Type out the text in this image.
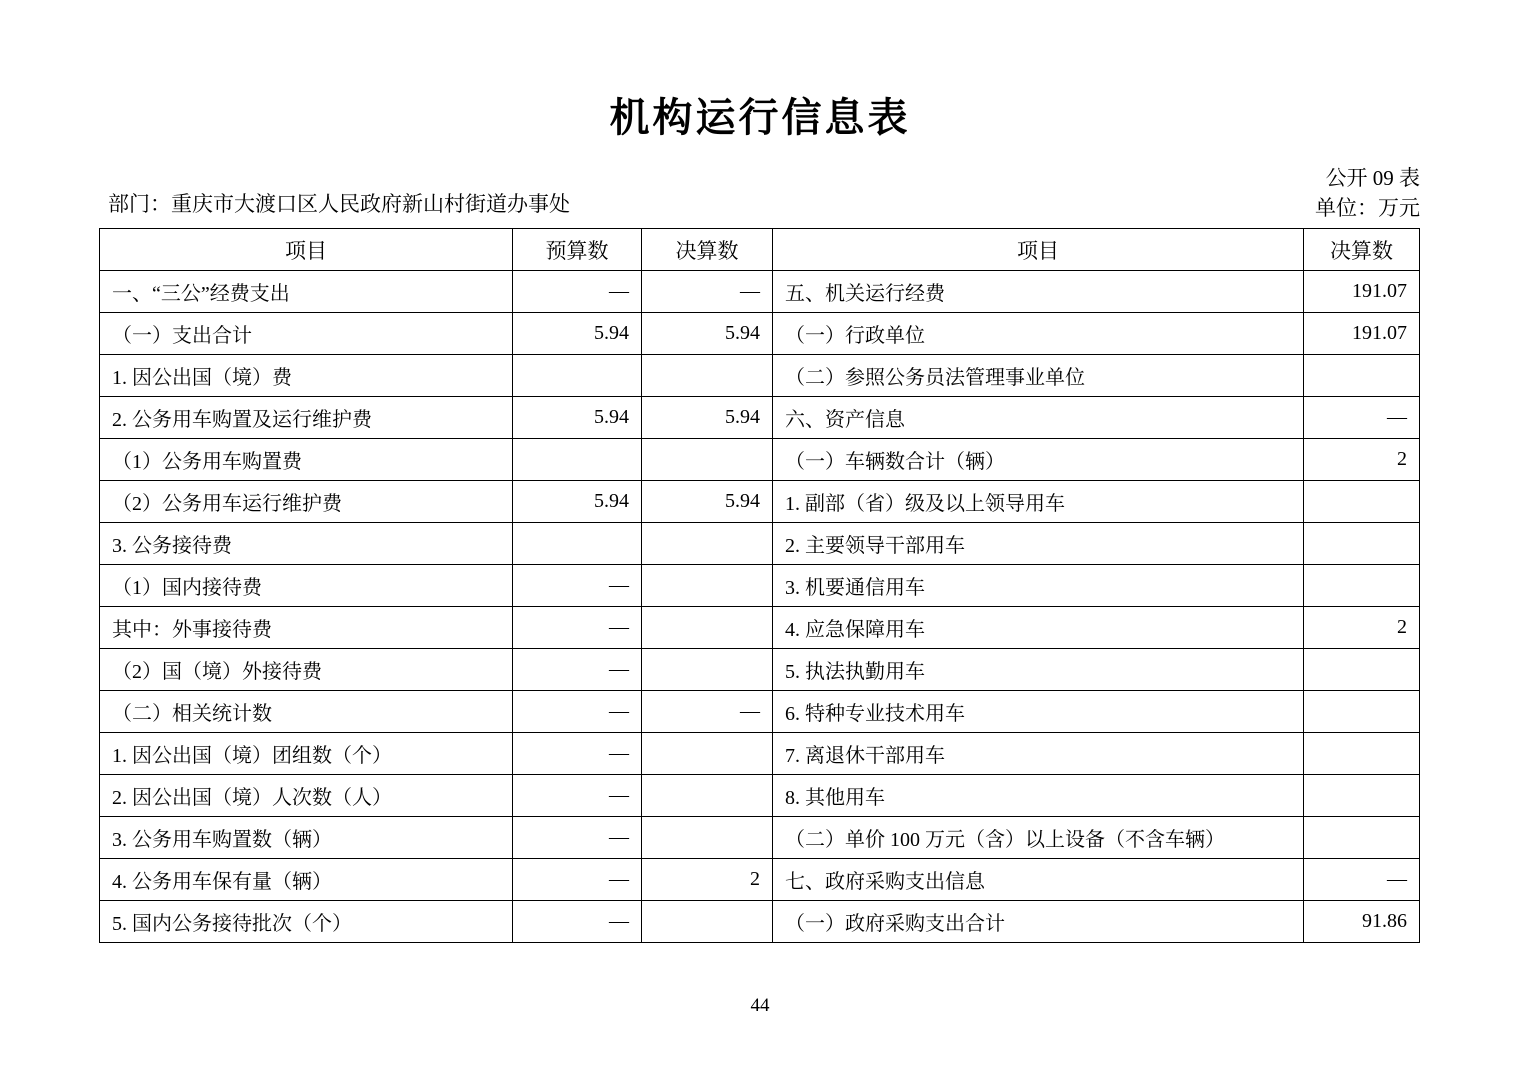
机构运行信息表
公开 09 表
单位：万元
部门：重庆市大渡口区人民政府新山村街道办事处
项目	预算数	决算数	项目	决算数
一、“三公”经费支出	—	—	五、机关运行经费	191.07
（一）支出合计	5.94	5.94	（一）行政单位	191.07
1. 因公出国（境）费			（二）参照公务员法管理事业单位	
2. 公务用车购置及运行维护费	5.94	5.94	六、资产信息	—
（1）公务用车购置费			（一）车辆数合计（辆）	2
（2）公务用车运行维护费	5.94	5.94	1. 副部（省）级及以上领导用车	
3. 公务接待费			2. 主要领导干部用车	
（1）国内接待费	—		3. 机要通信用车	
其中：外事接待费	—		4. 应急保障用车	2
（2）国（境）外接待费	—		5. 执法执勤用车	
（二）相关统计数	—	—	6. 特种专业技术用车	
1. 因公出国（境）团组数（个）	—		7. 离退休干部用车	
2. 因公出国（境）人次数（人）	—		8. 其他用车	
3. 公务用车购置数（辆）	—		（二）单价 100 万元（含）以上设备（不含车辆）	
4. 公务用车保有量（辆）	—	2	七、政府采购支出信息	—
5. 国内公务接待批次（个）	—		（一）政府采购支出合计	91.86
44
